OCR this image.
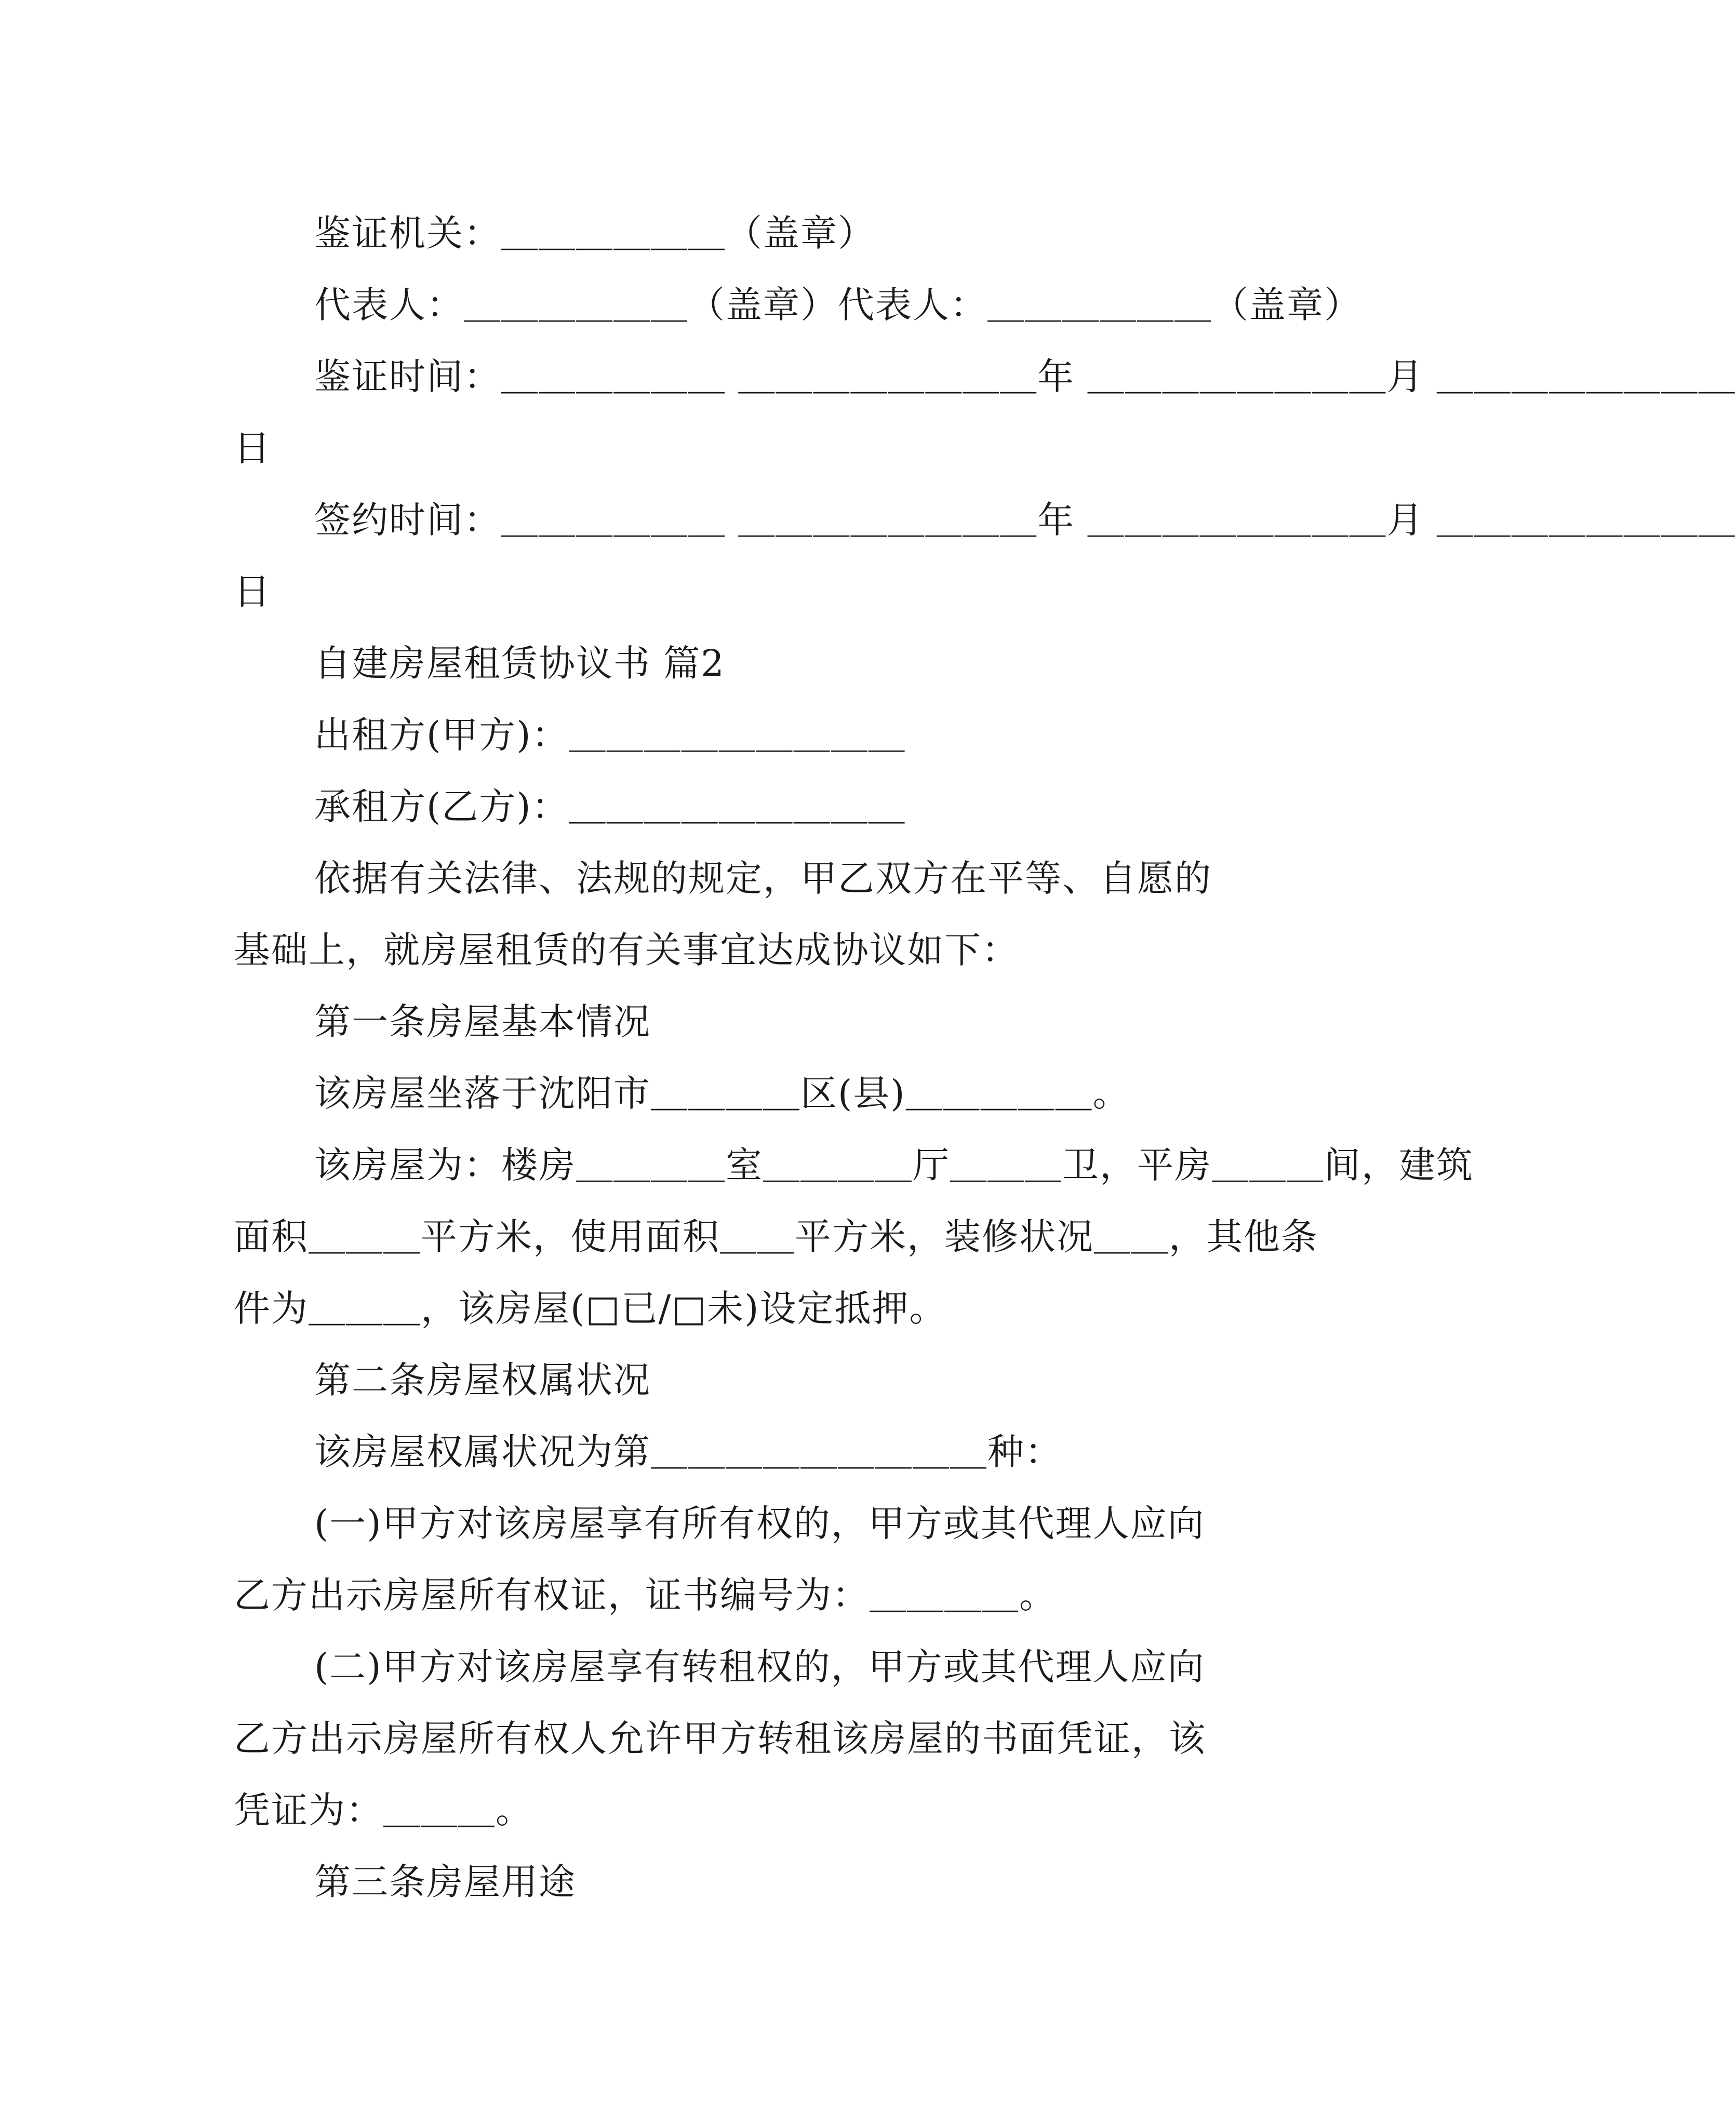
鉴证机关：＿＿＿＿＿＿（盖章）
代表人：＿＿＿＿＿＿（盖章）代表人：＿＿＿＿＿＿（盖章）
鉴证时间：＿＿＿＿＿＿ ＿＿＿＿＿＿＿＿年 ＿＿＿＿＿＿＿＿月 ＿＿＿＿＿＿＿＿
日
签约时间：＿＿＿＿＿＿ ＿＿＿＿＿＿＿＿年 ＿＿＿＿＿＿＿＿月 ＿＿＿＿＿＿＿＿
日
自建房屋租赁协议书 篇2
出租方(甲方)：＿＿＿＿＿＿＿＿＿
承租方(乙方)：＿＿＿＿＿＿＿＿＿
依据有关法律、法规的规定，甲乙双方在平等、自愿的
基础上，就房屋租赁的有关事宜达成协议如下：
第一条房屋基本情况
该房屋坐落于沈阳市＿＿＿＿区(县)＿＿＿＿＿。
该房屋为：楼房＿＿＿＿室＿＿＿＿厅＿＿＿卫，平房＿＿＿间，建筑
面积＿＿＿平方米，使用面积＿＿平方米，装修状况＿＿，其他条
件为＿＿＿，该房屋(□已/□未)设定抵押。
第二条房屋权属状况
该房屋权属状况为第＿＿＿＿＿＿＿＿＿种：
(一)甲方对该房屋享有所有权的，甲方或其代理人应向
乙方出示房屋所有权证，证书编号为：＿＿＿＿。
(二)甲方对该房屋享有转租权的，甲方或其代理人应向
乙方出示房屋所有权人允许甲方转租该房屋的书面凭证，该
凭证为：＿＿＿。
第三条房屋用途
